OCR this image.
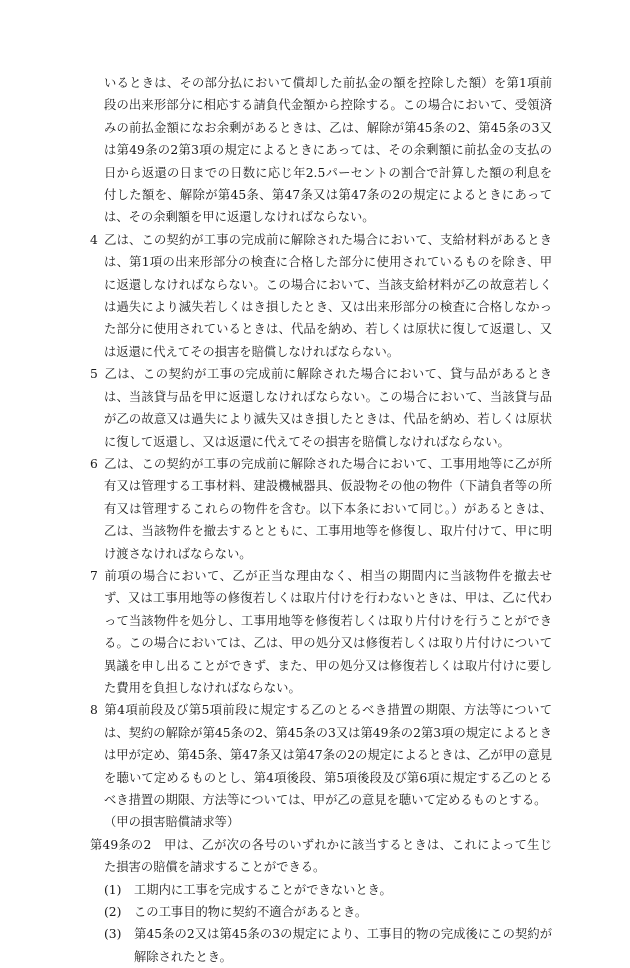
いるときは、その部分払において償却した前払金の額を控除した額）を第1項前段の出来形部分に相応する請負代金額から控除する。この場合において、受領済みの前払金額になお余剰があるときは、乙は、解除が第45条の2、第45条の3又は第49条の2第3項の規定によるときにあっては、その余剰額に前払金の支払の日から返還の日までの日数に応じ年2.5パーセントの割合で計算した額の利息を付した額を、解除が第45条、第47条又は第47条の2の規定によるときにあっては、その余剰額を甲に返還しなければならない。

4 乙は、この契約が工事の完成前に解除された場合において、支給材料があるときは、第1項の出来形部分の検査に合格した部分に使用されているものを除き、甲に返還しなければならない。この場合において、当該支給材料が乙の故意若しくは過失により滅失若しくはき損したとき、又は出来形部分の検査に合格しなかった部分に使用されているときは、代品を納め、若しくは原状に復して返還し、又は返還に代えてその損害を賠償しなければならない。

5 乙は、この契約が工事の完成前に解除された場合において、貸与品があるときは、当該貸与品を甲に返還しなければならない。この場合において、当該貸与品が乙の故意又は過失により滅失又はき損したときは、代品を納め、若しくは原状に復して返還し、又は返還に代えてその損害を賠償しなければならない。

6 乙は、この契約が工事の完成前に解除された場合において、工事用地等に乙が所有又は管理する工事材料、建設機械器具、仮設物その他の物件（下請負者等の所有又は管理するこれらの物件を含む。以下本条において同じ。）があるときは、乙は、当該物件を撤去するとともに、工事用地等を修復し、取片付けて、甲に明け渡さなければならない。

7 前項の場合において、乙が正当な理由なく、相当の期間内に当該物件を撤去せず、又は工事用地等の修復若しくは取片付けを行わないときは、甲は、乙に代わって当該物件を処分し、工事用地等を修復若しくは取り片付けを行うことができる。この場合においては、乙は、甲の処分又は修復若しくは取り片付けについて異議を申し出ることができず、また、甲の処分又は修復若しくは取片付けに要した費用を負担しなければならない。

8 第4項前段及び第5項前段に規定する乙のとるべき措置の期限、方法等については、契約の解除が第45条の2、第45条の3又は第49条の2第3項の規定によるときは甲が定め、第45条、第47条又は第47条の2の規定によるときは、乙が甲の意見を聴いて定めるものとし、第4項後段、第5項後段及び第6項に規定する乙のとるべき措置の期限、方法等については、甲が乙の意見を聴いて定めるものとする。

（甲の損害賠償請求等）

第49条の2　甲は、乙が次の各号のいずれかに該当するときは、これによって生じた損害の賠償を請求することができる。

(1) 工期内に工事を完成することができないとき。

(2) この工事目的物に契約不適合があるとき。

(3) 第45条の2又は第45条の3の規定により、工事目的物の完成後にこの契約が解除されたとき。
